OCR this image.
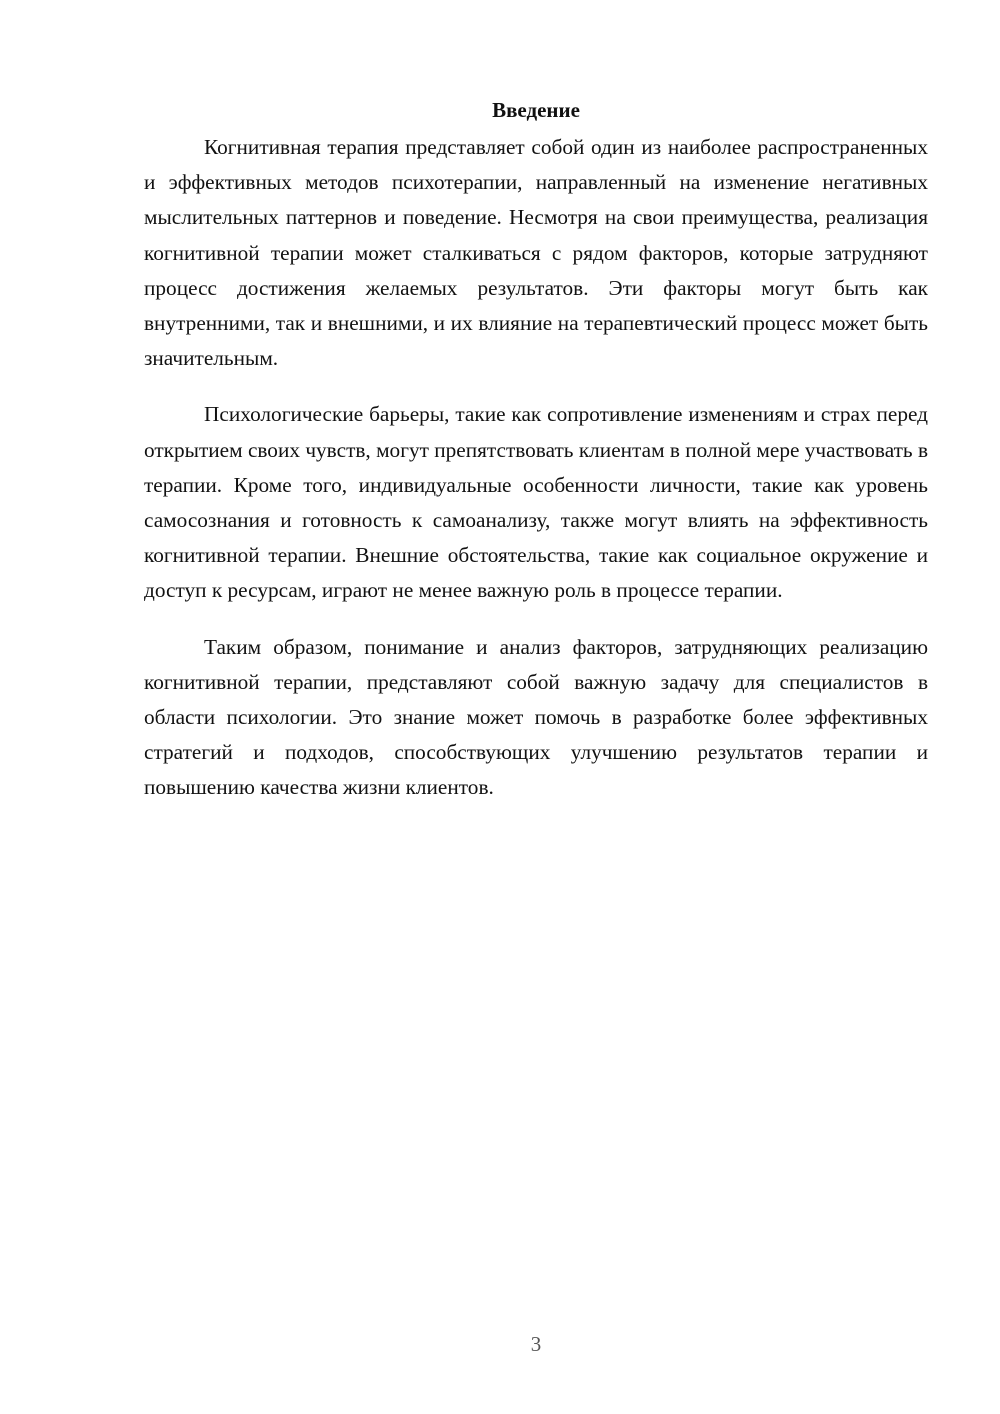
Введение

Когнитивная терапия представляет собой один из наиболее распространенных и эффективных методов психотерапии, направленный на изменение негативных мыслительных паттернов и поведение. Несмотря на свои преимущества, реализация когнитивной терапии может сталкиваться с рядом факторов, которые затрудняют процесс достижения желаемых результатов. Эти факторы могут быть как внутренними, так и внешними, и их влияние на терапевтический процесс может быть значительным.

Психологические барьеры, такие как сопротивление изменениям и страх перед открытием своих чувств, могут препятствовать клиентам в полной мере участвовать в терапии. Кроме того, индивидуальные особенности личности, такие как уровень самосознания и готовность к самоанализу, также могут влиять на эффективность когнитивной терапии. Внешние обстоятельства, такие как социальное окружение и доступ к ресурсам, играют не менее важную роль в процессе терапии.

Таким образом, понимание и анализ факторов, затрудняющих реализацию когнитивной терапии, представляют собой важную задачу для специалистов в области психологии. Это знание может помочь в разработке более эффективных стратегий и подходов, способствующих улучшению результатов терапии и повышению качества жизни клиентов.

3
